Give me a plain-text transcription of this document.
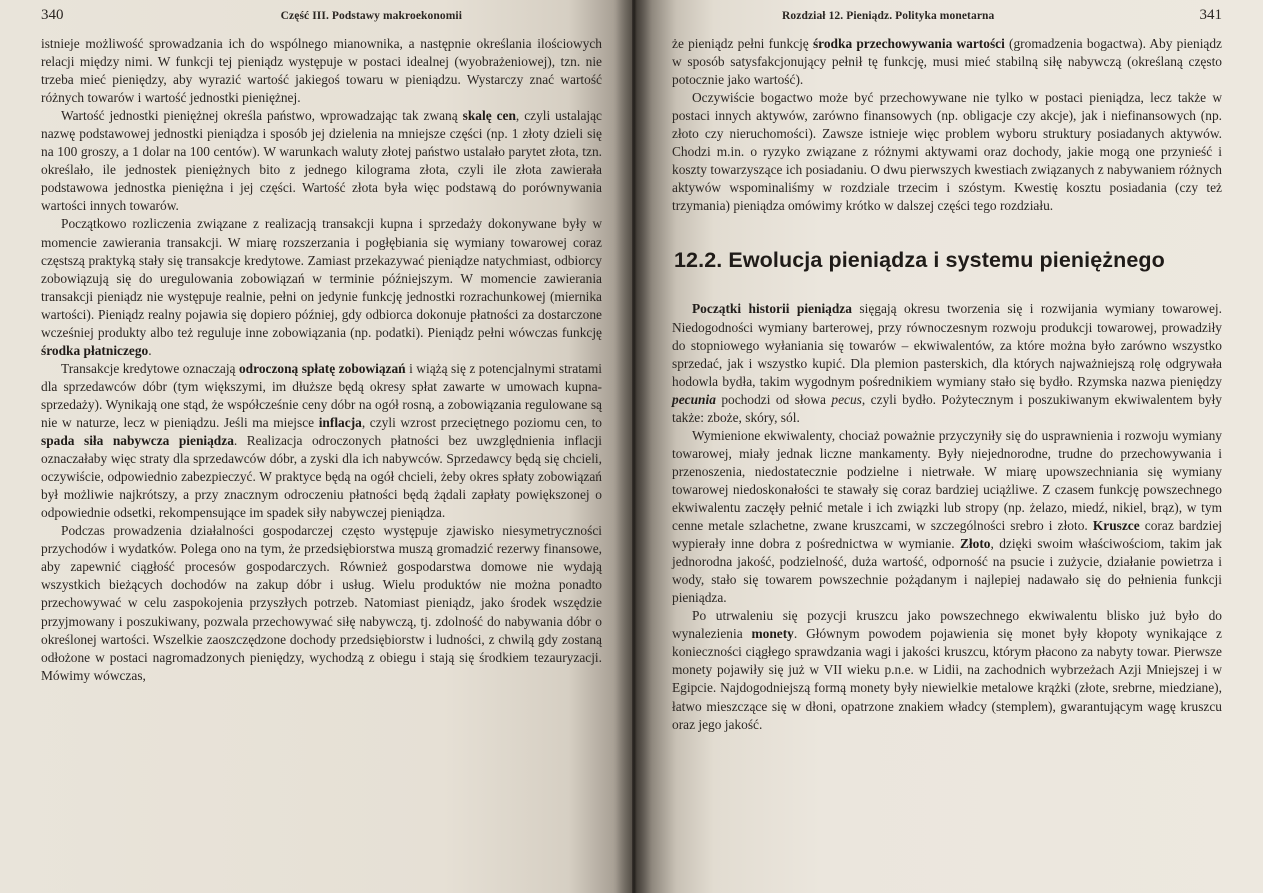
340	Część III. Podstawy makroekonomii

istnieje możliwość sprowadzania ich do wspólnego mianownika, a następnie określania ilościowych relacji między nimi. W funkcji tej pieniądz występuje w postaci idealnej (wyobrażeniowej), tzn. nie trzeba mieć pieniędzy, aby wyrazić wartość jakiegoś towaru w pieniądzu. Wystarczy znać wartość różnych towarów i wartość jednostki pieniężnej.

Wartość jednostki pieniężnej określa państwo, wprowadzając tak zwaną skalę cen, czyli ustalając nazwę podstawowej jednostki pieniądza i sposób jej dzielenia na mniejsze części (np. 1 złoty dzieli się na 100 groszy, a 1 dolar na 100 centów). W warunkach waluty złotej państwo ustalało parytet złota, tzn. określało, ile jednostek pieniężnych bito z jednego kilograma złota, czyli ile złota zawierała podstawowa jednostka pieniężna i jej części. Wartość złota była więc podstawą do porównywania wartości innych towarów.

Początkowo rozliczenia związane z realizacją transakcji kupna i sprzedaży dokonywane były w momencie zawierania transakcji. W miarę rozszerzania i pogłębiania się wymiany towarowej coraz częstszą praktyką stały się transakcje kredytowe. Zamiast przekazywać pieniądze natychmiast, odbiorcy zobowiązują się do uregulowania zobowiązań w terminie późniejszym. W momencie zawierania transakcji pieniądz nie występuje realnie, pełni on jedynie funkcję jednostki rozrachunkowej (miernika wartości). Pieniądz realny pojawia się dopiero później, gdy odbiorca dokonuje płatności za dostarczone wcześniej produkty albo też reguluje inne zobowiązania (np. podatki). Pieniądz pełni wówczas funkcję środka płatniczego.

Transakcje kredytowe oznaczają odroczoną spłatę zobowiązań i wiążą się z potencjalnymi stratami dla sprzedawców dóbr (tym większymi, im dłuższe będą okresy spłat zawarte w umowach kupna-sprzedaży). Wynikają one stąd, że współcześnie ceny dóbr na ogół rosną, a zobowiązania regulowane są nie w naturze, lecz w pieniądzu. Jeśli ma miejsce inflacja, czyli wzrost przeciętnego poziomu cen, to spada siła nabywcza pieniądza. Realizacja odroczonych płatności bez uwzględnienia inflacji oznaczałaby więc straty dla sprzedawców dóbr, a zyski dla ich nabywców. Sprzedawcy będą się chcieli, oczywiście, odpowiednio zabezpieczyć. W praktyce będą na ogół chcieli, żeby okres spłaty zobowiązań był możliwie najkrótszy, a przy znacznym odroczeniu płatności będą żądali zapłaty powiększonej o odpowiednie odsetki, rekompensujące im spadek siły nabywczej pieniądza.

Podczas prowadzenia działalności gospodarczej często występuje zjawisko niesymetryczności przychodów i wydatków. Polega ono na tym, że przedsiębiorstwa muszą gromadzić rezerwy finansowe, aby zapewnić ciągłość procesów gospodarczych. Również gospodarstwa domowe nie wydają wszystkich bieżących dochodów na zakup dóbr i usług. Wielu produktów nie można ponadto przechowywać w celu zaspokojenia przyszłych potrzeb. Natomiast pieniądz, jako środek wszędzie przyjmowany i poszukiwany, pozwala przechowywać siłę nabywczą, tj. zdolność do nabywania dóbr o określonej wartości. Wszelkie zaoszczędzone dochody przedsiębiorstw i ludności, z chwilą gdy zostaną odłożone w postaci nagromadzonych pieniędzy, wychodzą z obiegu i stają się środkiem tezauryzacji. Mówimy wówczas,

Rozdział 12. Pieniądz. Polityka monetarna	341

że pieniądz pełni funkcję środka przechowywania wartości (gromadzenia bogactwa). Aby pieniądz w sposób satysfakcjonujący pełnił tę funkcję, musi mieć stabilną siłę nabywczą (określaną często potocznie jako wartość).

Oczywiście bogactwo może być przechowywane nie tylko w postaci pieniądza, lecz także w postaci innych aktywów, zarówno finansowych (np. obligacje czy akcje), jak i niefinansowych (np. złoto czy nieruchomości). Zawsze istnieje więc problem wyboru struktury posiadanych aktywów. Chodzi m.in. o ryzyko związane z różnymi aktywami oraz dochody, jakie mogą one przynieść i koszty towarzyszące ich posiadaniu. O dwu pierwszych kwestiach związanych z nabywaniem różnych aktywów wspominaliśmy w rozdziale trzecim i szóstym. Kwestię kosztu posiadania (czy też trzymania) pieniądza omówimy krótko w dalszej części tego rozdziału.

12.2. Ewolucja pieniądza i systemu pieniężnego

Początki historii pieniądza sięgają okresu tworzenia się i rozwijania wymiany towarowej. Niedogodności wymiany barterowej, przy równoczesnym rozwoju produkcji towarowej, prowadziły do stopniowego wyłaniania się towarów – ekwiwalentów, za które można było zarówno wszystko sprzedać, jak i wszystko kupić. Dla plemion pasterskich, dla których najważniejszą rolę odgrywała hodowla bydła, takim wygodnym pośrednikiem wymiany stało się bydło. Rzymska nazwa pieniędzy pecunia pochodzi od słowa pecus, czyli bydło. Pożytecznym i poszukiwanym ekwiwalentem były także: zboże, skóry, sól.

Wymienione ekwiwalenty, chociaż poważnie przyczyniły się do usprawnienia i rozwoju wymiany towarowej, miały jednak liczne mankamenty. Były niejednorodne, trudne do przechowywania i przenoszenia, niedostatecznie podzielne i nietrwałe. W miarę upowszechniania się wymiany towarowej niedoskonałości te stawały się coraz bardziej uciążliwe. Z czasem funkcję powszechnego ekwiwalentu zaczęły pełnić metale i ich związki lub stropy (np. żelazo, miedź, nikiel, brąz), w tym cenne metale szlachetne, zwane kruszcami, w szczególności srebro i złoto. Kruszce coraz bardziej wypierały inne dobra z pośrednictwa w wymianie. Złoto, dzięki swoim właściwościom, takim jak jednorodna jakość, podzielność, duża wartość, odporność na psucie i zużycie, działanie powietrza i wody, stało się towarem powszechnie pożądanym i najlepiej nadawało się do pełnienia funkcji pieniądza.

Po utrwaleniu się pozycji kruszcu jako powszechnego ekwiwalentu blisko już było do wynalezienia monety. Głównym powodem pojawienia się monet były kłopoty wynikające z konieczności ciągłego sprawdzania wagi i jakości kruszcu, którym płacono za nabyty towar. Pierwsze monety pojawiły się już w VII wieku p.n.e. w Lidii, na zachodnich wybrzeżach Azji Mniejszej i w Egipcie. Najdogodniejszą formą monety były niewielkie metalowe krążki (złote, srebrne, miedziane), łatwo mieszczące się w dłoni, opatrzone znakiem władcy (stemplem), gwarantującym wagę kruszcu oraz jego jakość.
